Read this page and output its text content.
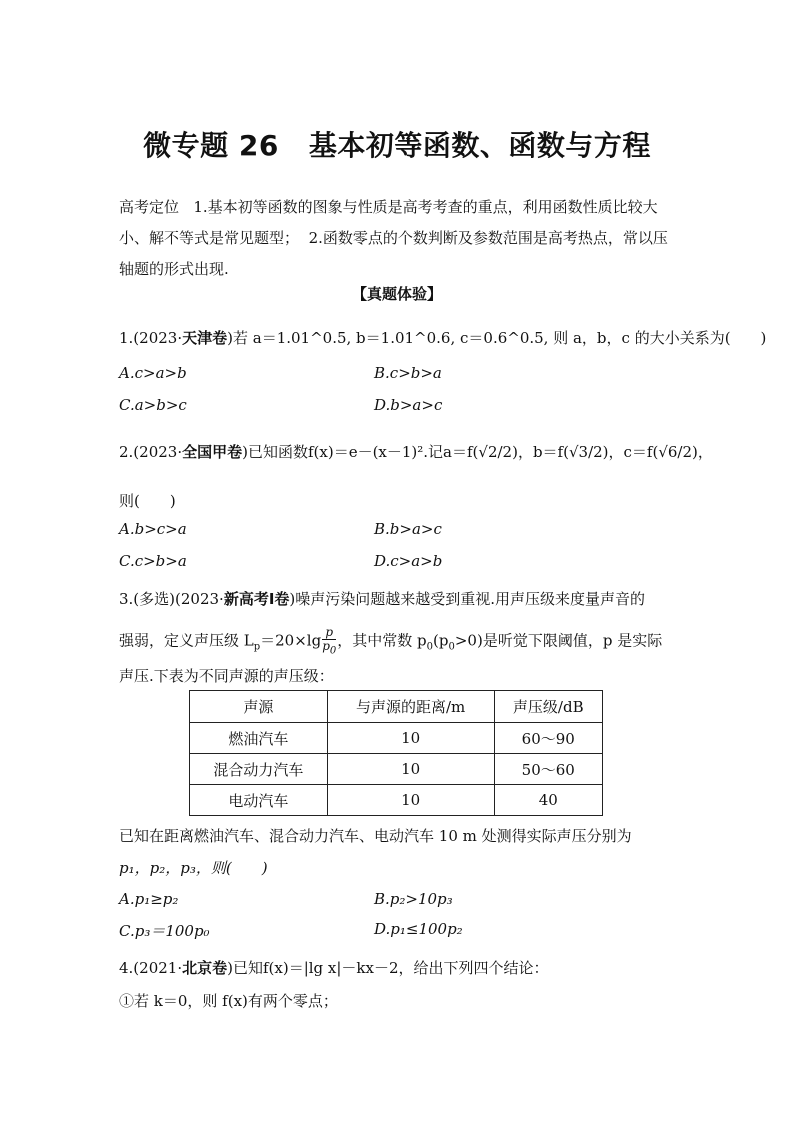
微专题 26 基本初等函数、函数与方程
高考定位 1.基本初等函数的图象与性质是高考考查的重点，利用函数性质比较大小、解不等式是常见题型； 2.函数零点的个数判断及参数范围是高考热点，常以压轴题的形式出现.
【真题体验】
1.(2023·天津卷)若 a＝1.01^0.5, b＝1.01^0.6, c＝0.6^0.5, 则 a，b，c 的大小关系为(　　)
A.c>a>b	B.c>b>a
C.a>b>c	D.b>a>c
2.(2023·全国甲卷)已知函数f(x)＝e－(x－1)².记a＝f(√2/2)，b＝f(√3/2)，c＝f(√6/2)，
则(　　)
A.b>c>a	B.b>a>c
C.c>b>a	D.c>a>b
3.(多选)(2023·新高考Ⅰ卷)噪声污染问题越来越受到重视.用声压级来度量声音的
强弱，定义声压级 $L_p=20\times\lg \frac{p}{p_0}$ ，其中常数 $p_0(p_0>0)$是听觉下限阈值，p 是实际
声压.下表为不同声源的声压级：
声源	与声源的距离/m	声压级/dB
燃油汽车	10	60～90
混合动力汽车	10	50～60
电动汽车	10	40
已知在距离燃油汽车、混合动力汽车、电动汽车 10 m 处测得实际声压分别为
p₁，p₂，p₃，则(　　)
A.p₁≥p₂	B.p₂>10p₃
C.p₃＝100p₀	D.p₁≤100p₂
4.(2021·北京卷)已知f(x)＝|lg x|－kx－2，给出下列四个结论：
①若 k＝0，则 f(x)有两个零点；
